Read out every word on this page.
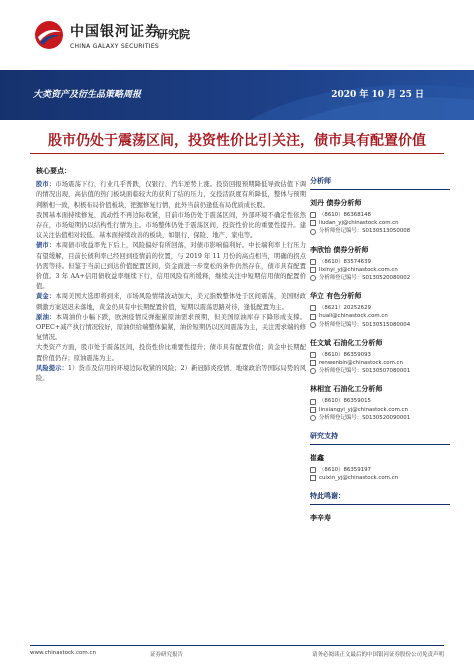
中国银河证券
CHINA GALAXY SECURITIES
研究院
大类资产及衍生品策略周报	2020 年 10 月 25 日
股市仍处于震荡区间，投资性价比引关注，债市具有配置价值
核心要点：

股市：市场震荡下行，行业几乎普跌，仅银行、汽车逆势上涨。投资回报预期降低导致估值下调的情况出现，高估值的热门板块面临较大的获利了结的压力，交投活跃度有所降低，整体与预期判断相一致，积极布局价值板块，把握修复行情，此外当前仍逢低布局优质成长股。

我国基本面持续修复，流动性不再边际收紧，目前市场仍处于震荡区间，外部环境不确定性依然存在，市场短期仍以结构性行情为主。市场整体仍处于震荡区间，投资性价比的重要性提升。建议关注估值相对较低、基本面持续改善的板块，如银行、保险、地产、家电等。

债市：本周债市收益率先下后上，风险偏好有所回落，对债市影响偏利好。中长端利率上行压力有望缓解，目前长债利率已经回到疫情前的位置，与 2019 年 11 月份的高点相当，明确的拐点仍需等待。但鉴于当前已到达价值配置区间，资金面进一步宽松的条件仍然存在，债市具有配置价值。3 年 AA+信用债收益率继续下行，信用风险有所缓释，继续关注中短期信用债的配置价值。

黄金：本周美国大选即将到来，市场风险情绪波动加大，美元指数整体处于区间震荡，美国财政刺激方案迟迟未落地，黄金仍具有中长期配置价值，短期以震荡思路对待，逢低配置为主。

原油：本周油价小幅下跌，欧洲疫情反弹拖累原油需求预期，但美国原油库存下降形成支撑。OPEC+减产执行情况较好，原油供给端整体偏紧，油价短期仍以区间震荡为主，关注需求端的修复情况。

大类资产方面，股市处于震荡区间，投资性价比重要性提升；债市具有配置价值；黄金中长期配置价值仍存；原油震荡为主。

风险提示：1）货币及信用的环境边际收紧的风险；2）新冠肺炎疫情、地缘政治等国际局势的风险。

分析师
刘丹 债券分析师
（8610）86368148
liudan_yj@chinastock.com.cn
分析师登记编号：S0130513050008
李欣怡 债券分析师
（8610）83574639
lixinyi_yj@chinastock.com.cn
分析师登记编号：S0130520080002
华立 有色分析师
（8621）20252629
huali@chinastock.com.cn
分析师登记编号：S0130515080004
任文斌 石油化工分析师
（8610）86359093
renwenbin@chinastock.com.cn
分析师登记编号：S0130507080001
林相宜 石油化工分析师
（8610）86359015
linxiangyi_yj@chinastock.com.cn
分析师登记编号：S0130520090001
研究支持
崔鑫
（8610）86359197
cuixin_yj@chinastock.com.cn
特此鸣谢：
李辛寿
www.chinastock.com.cn	证券研究报告	请务必阅读正文最后的中国银河证券股份公司免责声明
